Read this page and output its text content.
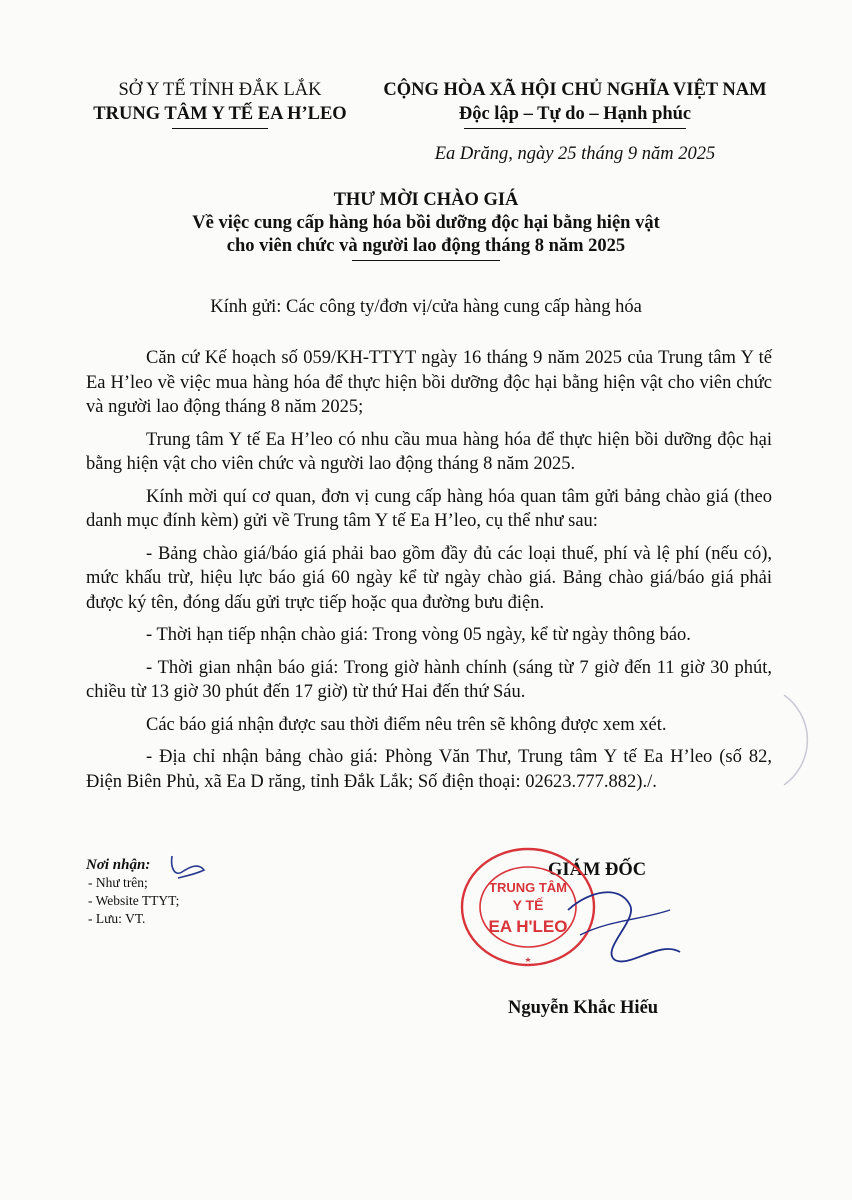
SỞ Y TẾ TỈNH ĐẮK LẮK
TRUNG TÂM Y TẾ EA H’LEO
CỘNG HÒA XÃ HỘI CHỦ NGHĨA VIỆT NAM
Độc lập – Tự do – Hạnh phúc
Ea Drăng, ngày 25 tháng 9 năm 2025
THƯ MỜI CHÀO GIÁ
Về việc cung cấp hàng hóa bồi dưỡng độc hại bằng hiện vật
cho viên chức và người lao động tháng 8 năm 2025
Kính gửi: Các công ty/đơn vị/cửa hàng cung cấp hàng hóa

Căn cứ Kế hoạch số 059/KH-TTYT ngày 16 tháng 9 năm 2025 của Trung tâm Y tế Ea H’leo về việc mua hàng hóa để thực hiện bồi dưỡng độc hại bằng hiện vật cho viên chức và người lao động tháng 8 năm 2025;

Trung tâm Y tế Ea H’leo có nhu cầu mua hàng hóa để thực hiện bồi dưỡng độc hại bằng hiện vật cho viên chức và người lao động tháng 8 năm 2025.

Kính mời quí cơ quan, đơn vị cung cấp hàng hóa quan tâm gửi bảng chào giá (theo danh mục đính kèm) gửi về Trung tâm Y tế Ea H’leo, cụ thể như sau:

- Bảng chào giá/báo giá phải bao gồm đầy đủ các loại thuế, phí và lệ phí (nếu có), mức khấu trừ, hiệu lực báo giá 60 ngày kể từ ngày chào giá. Bảng chào giá/báo giá phải được ký tên, đóng dấu gửi trực tiếp hoặc qua đường bưu điện.

- Thời hạn tiếp nhận chào giá: Trong vòng 05 ngày, kể từ ngày thông báo.

- Thời gian nhận báo giá: Trong giờ hành chính (sáng từ 7 giờ đến 11 giờ 30 phút, chiều từ 13 giờ 30 phút đến 17 giờ) từ thứ Hai đến thứ Sáu.

Các báo giá nhận được sau thời điểm nêu trên sẽ không được xem xét.

- Địa chỉ nhận bảng chào giá: Phòng Văn Thư, Trung tâm Y tế Ea H’leo (số 82, Điện Biên Phủ, xã Ea D răng, tỉnh Đắk Lắk; Số điện thoại: 02623.777.882)./.

Nơi nhận:
- Như trên;
- Website TTYT;
- Lưu: VT.
GIÁM ĐỐC
TRUNG TÂM
Y TẾ
EA H'LEO
Nguyễn Khắc Hiếu
